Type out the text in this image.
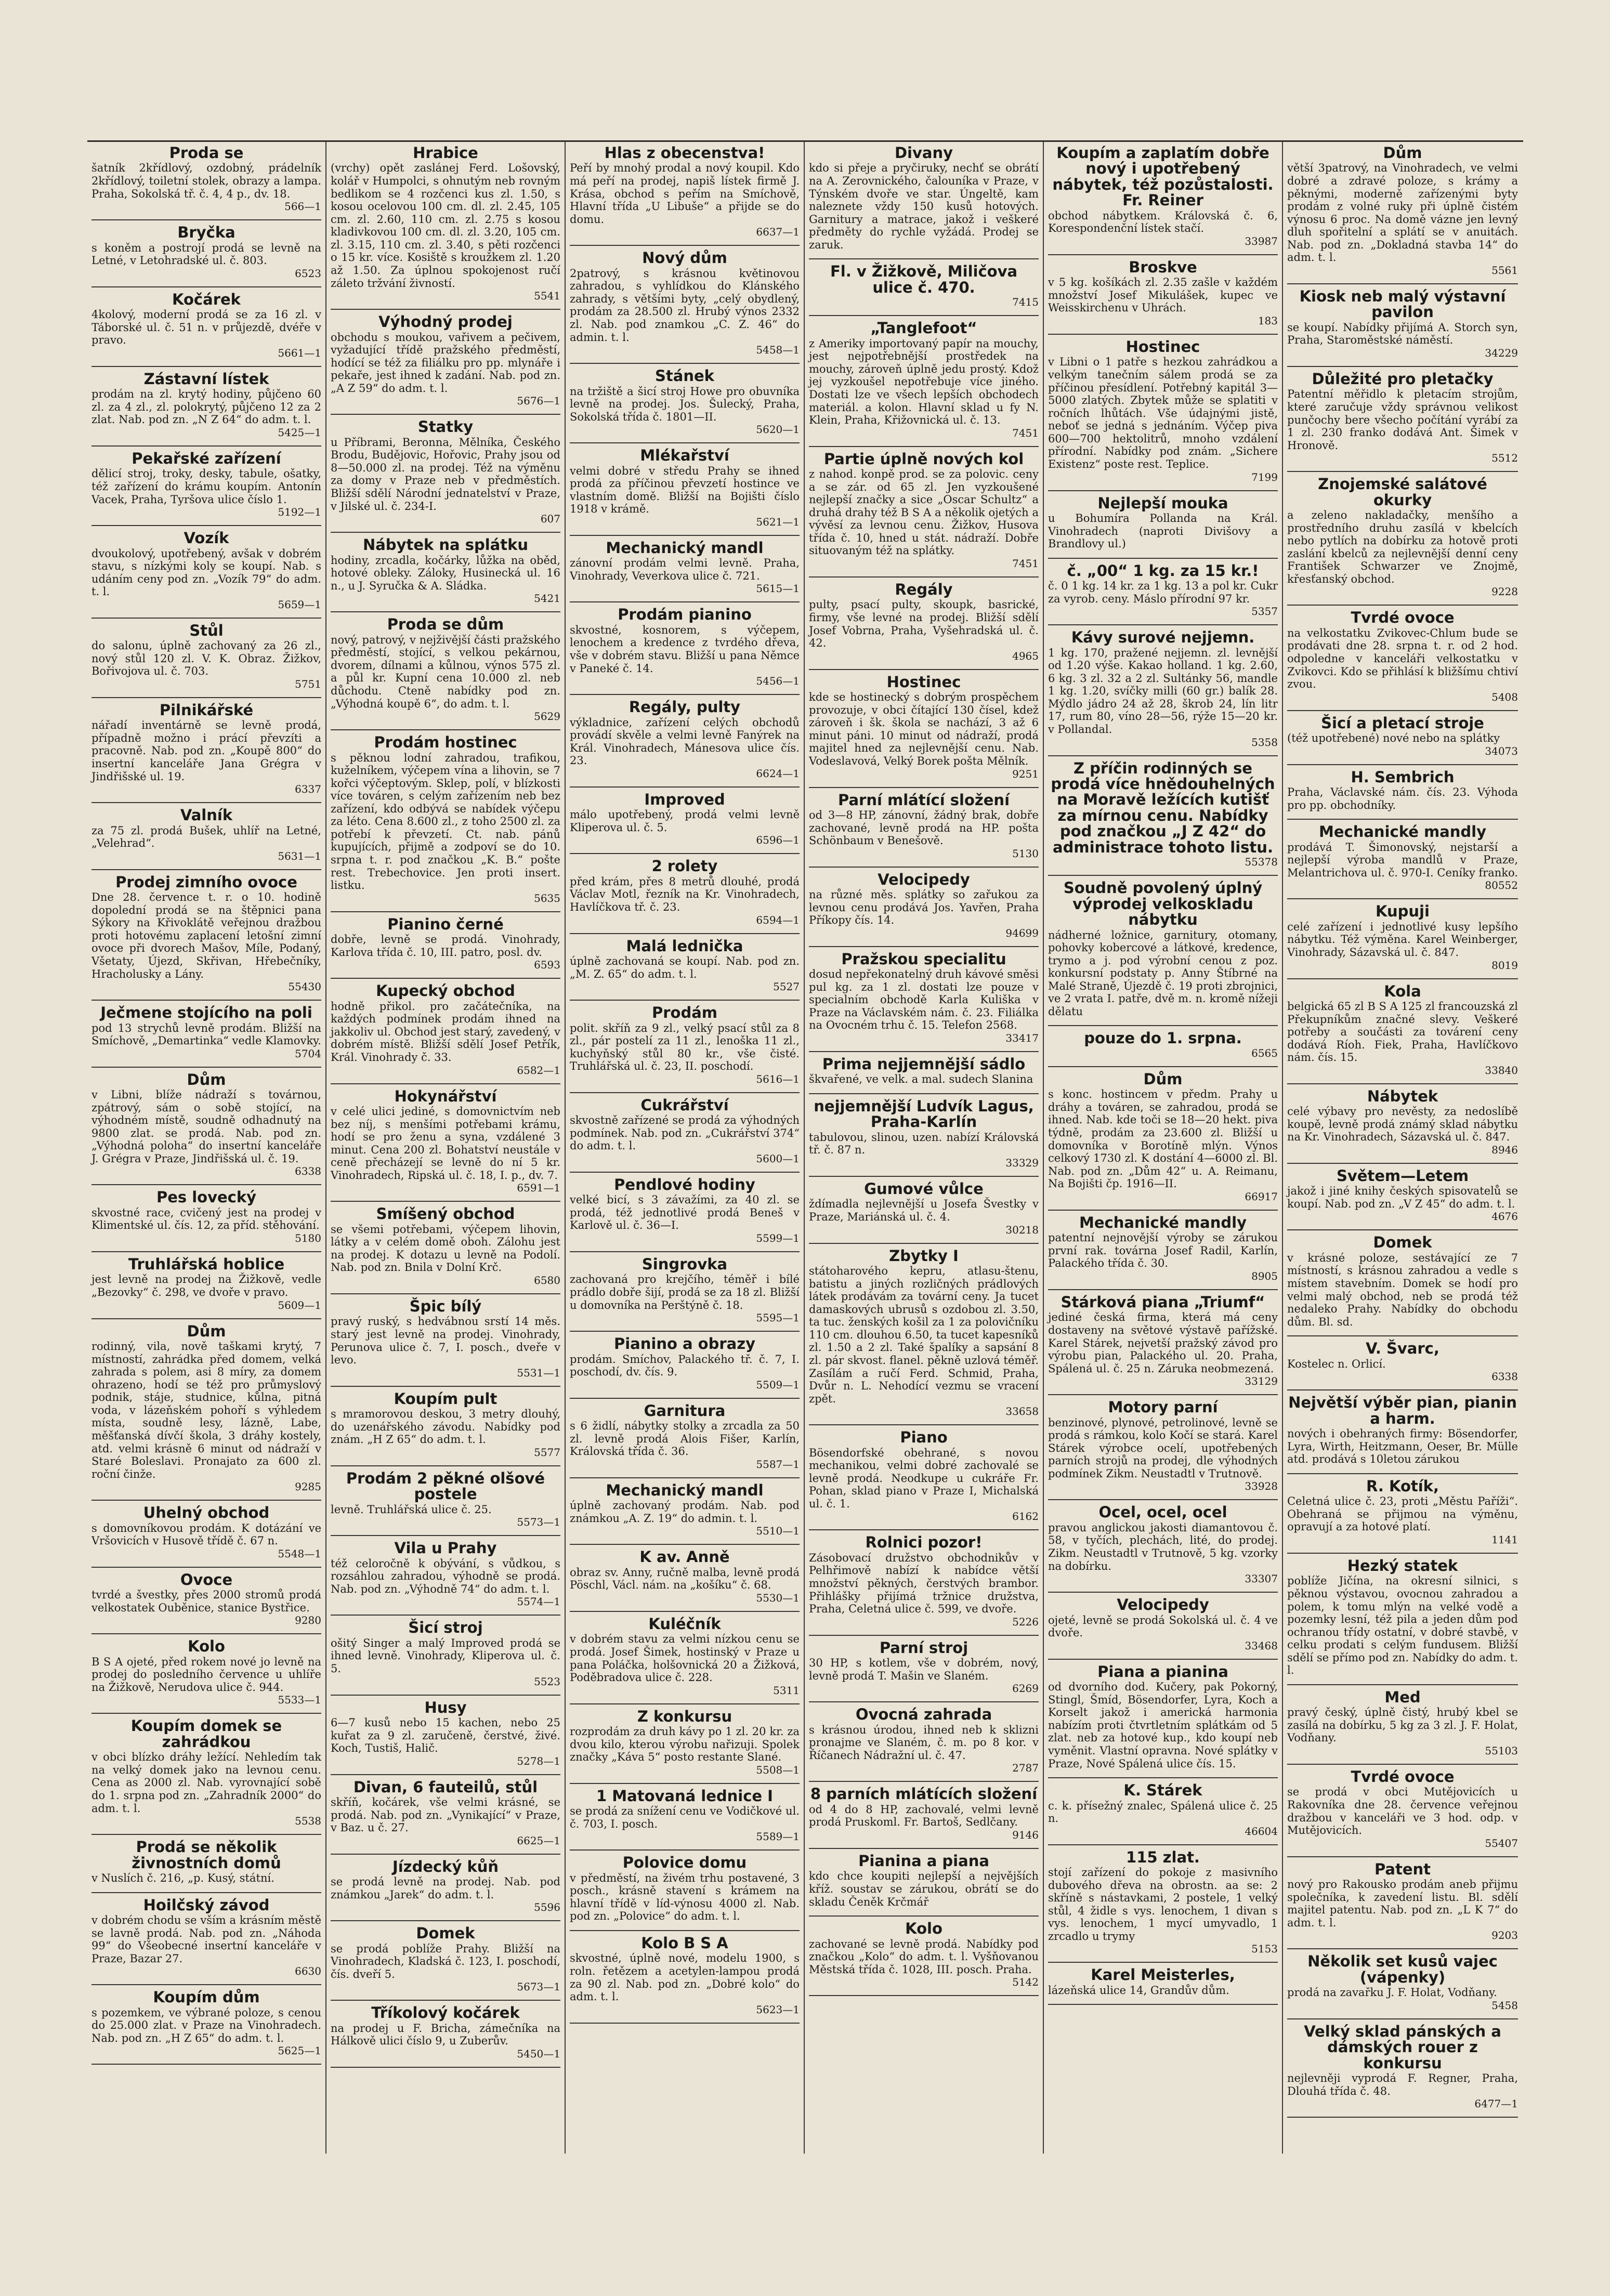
Proda se
šatník 2křídlový, ozdobný, prádelník 2křídlový, toiletní stolek, obrazy a lampa. Praha, Sokolská tř. č. 4, 4 p., dv. 18.
566—1
Bryčka
s koněm a postrojí prodá se levně na Letné, v Letohradské ul. č. 803.
6523
Kočárek
4kolový, moderní prodá se za 16 zl. v Táborské ul. č. 51 n. v průjezdě, dvéře v pravo.
5661—1
Zástavní lístek
prodám na zl. krytý hodiny, půjčeno 60 zl. za 4 zl., zl. polokrytý, půjčeno 12 za 2 zlat. Nab. pod zn. „N Z 64“ do adm. t. l.
5425—1
Pekařské zařízení
dělicí stroj, troky, desky, tabule, ošatky, též zařízení do krámu koupím. Antonín Vacek, Praha, Tyršova ulice číslo 1.
5192—1
Vozík
dvoukolový, upotřebený, avšak v dobrém stavu, s nízkými koly se koupí. Nab. s udáním ceny pod zn. „Vozík 79“ do adm. t. l.
5659—1
Stůl
do salonu, úplně zachovaný za 26 zl., nový stůl 120 zl. V. K. Obraz. Žižkov, Bořivojova ul. č. 703.
5751
Pilnikářské
nářadí inventárně se levně prodá, případně možno i prácí převzíti a pracovně. Nab. pod zn. „Koupě 800“ do insertní kanceláře Jana Grégra v Jindřišské ul. 19.
6337
Valník
za 75 zl. prodá Bušek, uhlíř na Letné, „Velehrad“.
5631—1
Prodej zimního ovoce
Dne 28. července t. r. o 10. hodině dopolední prodá se na štěpnici pana Sýkory na Křivoklátě veřejnou dražbou proti hotovému zaplacení letošní zimní ovoce při dvorech Mašov, Míle, Podaný, Všetaty, Újezd, Skřivan, Hřebečníky, Hracholusky a Lány.
55430
Ječmene stojícího na poli
pod 13 strychů levně prodám. Bližší na Smíchově, „Demartinka“ vedle Klamovky.
5704
Dům
v Libni, blíže nádraží s továrnou, zpátrový, sám o sobě stojící, na výhodném místě, soudně odhadnutý na 9800 zlat. se prodá. Nab. pod zn. „Výhodná poloha“ do insertní kanceláře J. Grégra v Praze, Jindřišská ul. č. 19.
6338
Pes lovecký
skvostné race, cvičený jest na prodej v Klimentské ul. čís. 12, za příd. stěhování.
5180
Truhlářská hoblice
jest levně na prodej na Žižkově, vedle „Bezovky“ č. 298, ve dvoře v pravo.
5609—1
Dům
rodinný, vila, nově taškami krytý, 7 místností, zahrádka před domem, velká zahrada s polem, asi 8 míry, za domem ohrazeno, hodí se též pro průmyslový podnik, stáje, studnice, kůlna, pitná voda, v lázeňském pohoří s výhledem místa, soudně lesy, lázně, Labe, měšťanská dívčí škola, 3 dráhy kostely, atd. velmi krásně 6 minut od nádraží v Staré Boleslavi. Pronajato za 600 zl. roční činže.
9285
Uhelný obchod
s domovníkovou prodám. K dotázání ve Vršovicích v Husově třídě č. 67 n.
5548—1
Ovoce
tvrdé a švestky, přes 2000 stromů prodá velkostatek Ouběnice, stanice Bystřice.
9280
Kolo
B S A ojeté, před rokem nové jo levně na prodej do posledního července u uhlíře na Žižkově, Nerudova ulice č. 944.
5533—1
Koupím domek se zahrádkou
v obci blízko dráhy ležící. Nehledím tak na velký domek jako na levnou cenu. Cena as 2000 zl. Nab. vyrovnající sobě do 1. srpna pod zn. „Zahradník 2000“ do adm. t. l.
5538
Prodá se několik živnostních domů
v Nuslích č. 216, „p. Kusý, státní.
Hoilčský závod
v dobrém chodu se vším a krásním městě se lavně prodá. Nab. pod zn. „Náhoda 99“ do Všeobecné insertní kanceláře v Praze, Bazar 27.
6630
Koupím dům
s pozemkem, ve výbrané poloze, s cenou do 25.000 zlat. v Praze na Vinohradech. Nab. pod zn. „H Z 65“ do adm. t. l.
5625—1
Hrabice
(vrchy) opět zaslánej Ferd. Lošovský, kolář v Humpolci, s ohnutým neb rovným bedlikom se 4 rozčenci kus zl. 1.50, s kosou ocelovou 100 cm. dl. zl. 2.45, 105 cm. zl. 2.60, 110 cm. zl. 2.75 s kosou kladivkovou 100 cm. dl. zl. 3.20, 105 cm. zl. 3.15, 110 cm. zl. 3.40, s pěti rozčenci o 15 kr. více. Kosiště s kroužkem zl. 1.20 až 1.50. Za úplnou spokojenost ručí záleto tržvání živností.
5541
Výhodný prodej
obchodu s moukou, vařivem a pečivem, vyžadující třídě pražského předměstí, hodící se též za filiálku pro pp. mlynáře i pekaře, jest ihned k zadání. Nab. pod zn. „A Z 59“ do adm. t. l.
5676—1
Statky
u Příbrami, Beronna, Mělníka, Českého Brodu, Budějovic, Hořovic, Prahy jsou od 8—50.000 zl. na prodej. Též na výměnu za domy v Praze neb v předměstích. Bližší sdělí Národní jednatelství v Praze, v Jilské ul. č. 234-I.
607
Nábytek na splátku
hodiny, zrcadla, kočárky, lůžka na oběd, hotové obleky. Záloky, Husinecká ul. 16 n., u J. Syručka & A. Sládka.
5421
Proda se dům
nový, patrový, v nejživější části pražského předměstí, stojící, s velkou pekárnou, dvorem, dílnami a kůlnou, výnos 575 zl. a půl kr. Kupní cena 10.000 zl. neb důchodu. Cteně nabídky pod zn. „Výhodná koupě 6“, do adm. t. l.
5629
Prodám hostinec
s pěknou lodní zahradou, trafikou, kuželníkem, výčepem vína a lihovin, se 7 kořci výčeptovým. Sklep, polí, v blízkosti více továren, s celým zařízením neb bez zařízení, kdo odbývá se nabídek výčepu za léto. Cena 8.600 zl., z toho 2500 zl. za potřebí k převzetí. Ct. nab. pánů kupujících, přijmě a zodpoví se do 10. srpna t. r. pod značkou „K. B.“ pošte rest. Trebechovice. Jen proti insert. listku.
5635
Pianino černé
dobře, levně se prodá. Vinohrady, Karlova třída č. 10, III. patro, posl. dv.
6593
Kupecký obchod
hodně přikol. pro začátečníka, na každých podmínek prodám ihned na jakkoliv ul. Obchod jest starý, zavedený, v dobrém místě. Bližší sdělí Josef Petřík, Král. Vinohrady č. 33.
6582—1
Hokynářství
v celé ulici jediné, s domovnictvím neb bez níj, s menšími potřebami krámu, hodí se pro ženu a syna, vzdálené 3 minut. Cena 200 zl. Bohatství neustále v ceně přecházejí se levně do ní 5 kr. Vinohradech, Ripská ul. č. 18, I. p., dv. 7.
6591—1
Smíšený obchod
se všemi potřebami, výčepem lihovin, látky a v celém domě oboh. Zálohu jest na prodej. K dotazu u levně na Podolí. Nab. pod zn. Bnila v Dolní Krč.
6580
Špic bílý
pravý ruský, s hedvábnou srstí 14 měs. starý jest levně na prodej. Vinohrady, Perunova ulice č. 7, I. posch., dveře v levo.
5531—1
Koupím pult
s mramorovou deskou, 3 metry dlouhý, do uzenářského závodu. Nabídky pod znám. „H Z 65“ do adm. t. l.
5577
Prodám 2 pěkné olšové postele
levně. Truhlářská ulice č. 25.
5573—1
Vila u Prahy
též celoročně k obývání, s vůdkou, s rozsáhlou zahradou, výhodně se prodá. Nab. pod zn. „Výhodně 74“ do adm. t. l.
5574—1
Šicí stroj
ošitý Singer a malý Improved prodá se ihned levně. Vinohrady, Kliperova ul. č. 5.
5523
Husy
6—7 kusů nebo 15 kachen, nebo 25 kuřat za 9 zl. zaručeně, čerstvé, živé. Koch, Tustiš, Halič.
5278—1
Divan, 6 fauteilů, stůl
skříň, kočárek, vše velmi krásné, se prodá. Nab. pod zn. „Vynikající“ v Praze, v Baz. u č. 27.
6625—1
Jízdecký kůň
se prodá levně na prodej. Nab. pod známkou „Jarek“ do adm. t. l.
5596
Domek
se prodá poblíže Prahy. Bližší na Vinohradech, Kladská č. 123, I. poschodí, čís. dveří 5.
5673—1
Tříkolový kočárek
na prodej u F. Bricha, zámečníka na Hálkově ulici číslo 9, u Zuberův.
5450—1
Hlas z obecenstva!
Peří by mnohý prodal a nový koupil. Kdo má peří na prodej, napiš lístek firmě J. Krása, obchod s peřím na Smíchově, Hlavní třída „U Libuše“ a přijde se do domu.
6637—1
Nový dům
2patrový, s krásnou květinovou zahradou, s vyhlídkou do Klánského zahrady, s většími byty, „celý obydlený, prodám za 28.500 zl. Hrubý výnos 2332 zl. Nab. pod znamkou „C. Z. 46“ do admin. t. l.
5458—1
Stánek
na tržiště a šicí stroj Howe pro obuvníka levně na prodej. Jos. Šulecký, Praha, Sokolská třída č. 1801—II.
5620—1
Mlékařství
velmi dobré v středu Prahy se ihned prodá za příčinou převzetí hostince ve vlastním domě. Bližší na Bojišti číslo 1918 v krámě.
5621—1
Mechanický mandl
zánovní prodám velmi levně. Praha, Vinohrady, Veverkova ulice č. 721.
5615—1
Prodám pianino
skvostné, kosnorem, s výčepem, lenochem a kredence z tvrdého dřeva, vše v dobrém stavu. Bližší u pana Němce v Paneké č. 14.
5456—1
Regály, pulty
výkladnice, zařízení celých obchodů provádí skvěle a velmi levně Fanýrek na Král. Vinohradech, Mánesova ulice čís. 23.
6624—1
Improved
málo upotřebený, prodá velmi levně Kliperova ul. č. 5.
6596—1
2 rolety
před krám, přes 8 metrů dlouhé, prodá Václav Motl, řezník na Kr. Vinohradech, Havlíčkova tř. č. 23.
6594—1
Malá lednička
úplně zachovaná se koupí. Nab. pod zn. „M. Z. 65“ do adm. t. l.
5527
Prodám
polit. skříň za 9 zl., velký psací stůl za 8 zl., pár postelí za 11 zl., lenoška 11 zl., kuchyňský stůl 80 kr., vše čisté. Truhlářská ul. č. 23, II. poschodí.
5616—1
Cukrářství
skvostně zařízené se prodá za výhodných podmínek. Nab. pod zn. „Cukrářství 374“ do adm. t. l.
5600—1
Pendlové hodiny
velké bicí, s 3 závažími, za 40 zl. se prodá, též jednotlivé prodá Beneš v Karlově ul. č. 36—I.
5599—1
Singrovka
zachovaná pro krejčího, téměř i bílé prádlo dobře šijí, prodá se za 18 zl. Bližší u domovníka na Perštýně č. 18.
5595—1
Pianino a obrazy
prodám. Smíchov, Palackého tř. č. 7, I. poschodí, dv. čís. 9.
5509—1
Garnitura
s 6 židlí, nábytky stolky a zrcadla za 50 zl. levně prodá Alois Fišer, Karlín, Královská třída č. 36.
5587—1
Mechanický mandl
úplně zachovaný prodám. Nab. pod známkou „A. Z. 19“ do admin. t. l.
5510—1
K av. Anně
obraz sv. Anny, ručně malba, levně prodá Pöschl, Václ. nám. na „košíku“ č. 68.
5530—1
Kuléčník
v dobrém stavu za velmi nízkou cenu se prodá. Josef Šimek, hostinský v Praze u pana Poláčka, holšovnická 20 a Žižková, Poděbradova ulice č. 228.
5311
Z konkursu
rozprodám za druh kávy po 1 zl. 20 kr. za dvou kilo, kterou výrobu nařizuji. Spolek značky „Káva 5“ posto restante Slané.
5508—1
1 Matovaná lednice I
se prodá za snížení cenu ve Vodičkové ul. č. 703, I. posch.
5589—1
Polovice domu
v předměstí, na živém trhu postavené, 3 posch., krásně stavení s krámem na hlavní třídě v líd-výnosu 4000 zl. Nab. pod zn. „Polovice“ do adm. t. l.
Kolo B S A
skvostné, úplně nové, modelu 1900, s roln. řetězem a acetylen-lampou prodá za 90 zl. Nab. pod zn. „Dobré kolo“ do adm. t. l.
5623—1
Divany
kdo si přeje a pryčiruky, nechť se obrátí na A. Zerovnického, čalouníka v Praze, v Týnském dvoře ve star. Úngeltě, kam naleznete vždy 150 kusů hotových. Garnitury a matrace, jakož i veškeré předměty do rychle vyžádá. Prodej se zaruk.
Fl. v Žižkově, Miličova ulice č. 470.
7415
„Tanglefoot“
z Ameriky importovaný papír na mouchy, jest nejpotřebnější prostředek na mouchy, zároveň úplně jedu prostý. Kdož jej vyzkoušel nepotřebuje více jiného. Dostati lze ve všech lepších obchodech materiál. a kolon. Hlavní sklad u fy N. Klein, Praha, Křižovnická ul. č. 13.
7451
Partie úplně nových kol
z nahod. konpě prod. se za polovic. ceny a se zár. od 65 zl. Jen vyzkoušené nejlepší značky a sice „Oscar Schultz“ a druhá drahy též B S A a několik ojetých a vývěsí za levnou cenu. Žižkov, Husova třída č. 10, hned u stát. nádraží. Dobře situovaným též na splátky.
7451
Regály
pulty, psací pulty, skoupk, basrické, firmy, vše levné na prodej. Bližší sdělí Josef Vobrna, Praha, Vyšehradská ul. č. 42.
4965
Hostinec
kde se hostinecký s dobrým prospěchem provozuje, v obci čítající 130 čísel, kdež zároveň i šk. škola se nachází, 3 až 6 minut páni. 10 minut od nádraží, prodá majitel hned za nejlevnější cenu. Nab. Vodeslavová, Velký Borek pošta Mělník.
9251
Parní mlátící složení
od 3—8 HP, zánovní, žádný brak, dobře zachované, levně prodá na HP. pošta Schönbaum v Benešově.
5130
Velocipedy
na různé měs. splátky so zařukou za levnou cenu prodává Jos. Yavřen, Praha Příkopy čís. 14.
94699
Pražskou specialitu
dosud nepřekonatelný druh kávové směsi pul kg. za 1 zl. dostati lze pouze v specialním obchodě Karla Kuliška v Praze na Václavském nám. č. 23. Filiálka na Ovocném trhu č. 15. Telefon 2568.
33417
Prima nejjemnější sádlo
škvařené, ve velk. a mal. sudech Slanina
nejjemnější Ludvík Lagus, Praha-Karlín
tabulovou, slinou, uzen. nabízí Královská tř. č. 87 n.
33329
Gumové vůlce
ždímadla nejlevnější u Josefa Švestky v Praze, Mariánská ul. č. 4.
30218
Zbytky I
státoharového kepru, atlasu-štenu, batistu a jiných rozličných prádlových látek prodávám za tovární ceny. Ja tucet damaskových ubrusů s ozdobou zl. 3.50, ta tuc. ženských košil za 1 za polovičníku 110 cm. dlouhou 6.50, ta tucet kapesníků zl. 1.50 a 2 zl. Také špalíky a sapsání 8 zl. pár skvost. flanel. pěkně uzlová téměř. Zasílám a ručí Ferd. Schmid, Praha, Dvůr n. L. Nehodící vezmu se vracení zpět.
33658
Piano
Bösendorfské obehrané, s novou mechanikou, velmi dobré zachovalé se levně prodá. Neodkupe u cukráře Fr. Pohan, sklad piano v Praze I, Michalská ul. č. 1.
6162
Rolnici pozor!
Zásobovací družstvo obchodnikův v Pelhřimově nabízí k nabídce větší množství pěkných, čerstvých brambor. Přihlášky přijímá tržnice družstva, Praha, Celetná ulice č. 599, ve dvoře.
5226
Parní stroj
30 HP, s kotlem, vše v dobrém, nový, levně prodá T. Mašin ve Slaném.
6269
Ovocná zahrada
s krásnou úrodou, ihned neb k sklizni pronajme ve Slaném, č. m. po 8 kor. v Říčanech Nádražní ul. č. 47.
2787
8 parních mlátících složení
od 4 do 8 HP, zachovalé, velmi levně prodá Pruskoml. Fr. Bartoš, Sedlčany.
9146
Pianina a piana
kdo chce koupiti nejlepší a nejvějších kříž. soustav se zárukou, obrátí se do skladu Čeněk Krčmář
Kolo
zachované se levně prodá. Nabídky pod značkou „Kolo“ do adm. t. l. Vyšňovanou Městská třída č. 1028, III. posch. Praha.
5142
Koupím a zaplatím dobře nový i upotřebený nábytek, též pozůstalosti. Fr. Reiner
obchod nábytkem. Královská č. 6, Korespondenční lístek stačí.
33987
Broskve
v 5 kg. košíkách zl. 2.35 zašle v každém množství Josef Mikulášek, kupec ve Weisskirchenu v Uhrách.
183
Hostinec
v Libni o 1 patře s hezkou zahrádkou a velkým tanečním sálem prodá se za příčinou přesídlení. Potřebný kapitál 3—5000 zlatých. Zbytek může se splatiti v ročních lhůtách. Vše údajnými jistě, neboť se jedná s jednáním. Výčep piva 600—700 hektolitrů, mnoho vzdálení přírodní. Nabídky pod znám. „Sichere Existenz“ poste rest. Teplice.
7199
Nejlepší mouka
u Bohumíra Pollanda na Král. Vinohradech (naproti Divišovy a Brandlovy ul.)
č. „00“ 1 kg. za 15 kr.!
č. 0 1 kg. 14 kr. za 1 kg. 13 a pol kr. Cukr za vyrob. ceny. Máslo přírodní 97 kr.
5357
Kávy surové nejjemn.
1 kg. 170, pražené nejjemn. zl. levnější od 1.20 výše. Kakao holland. 1 kg. 2.60, 6 kg. 3 zl. 32 a 2 zl. Sultánky 56, mandle 1 kg. 1.20, svíčky milli (60 gr.) balík 28. Mýdlo jádro 24 až 28, škrob 24, lín litr 17, rum 80, víno 28—56, rýže 15—20 kr. v Pollandal.
5358
Z příčin rodinných se prodá více hnědouhelných na Moravě ležících kutišť za mírnou cenu. Nabídky pod značkou „J Z 42“ do administrace tohoto listu.
55378
Soudně povolený úplný výprodej velkoskladu nábytku
nádherné ložnice, garnitury, otomany, pohovky kobercové a látkové, kredence, trymo a j. pod výrobní cenou z poz. konkursní podstaty p. Anny Štíbrné na Malé Straně, Újezdě č. 19 proti zbrojnici, ve 2 vrata I. patře, dvě m. n. kromě nížeji dělatu
pouze do 1. srpna.
6565
Dům
s konc. hostincem v předm. Prahy u dráhy a továren, se zahradou, prodá se ihned. Nab. kde toči se 18—20 hekt. piva týdně, prodám za 23.600 zl. Bližší u domovníka v Borotíně mlýn. Výnos celkový 1730 zl. K dostání 4—6000 zl. Bl. Nab. pod zn. „Dům 42“ u. A. Reimanu, Na Bojišti čp. 1916—II.
66917
Mechanické mandly
patentní nejnovější výroby se zárukou první rak. továrna Josef Radil, Karlín, Palackého třída č. 30.
8905
Stárková piana „Triumf“
jediné česká firma, která má ceny dostaveny na světové výstavě pařížské. Karel Stárek, nejvetší pražský závod pro výrobu pian, Palackého ul. 20. Praha, Spálená ul. č. 25 n. Záruka neobmezená.
33129
Motory parní
benzinové, plynové, petrolinové, levně se prodá s rámkou, kolo Kočí se stará. Karel Stárek výrobce ocelí, upotřebených parních strojů na prodej, dle výhodných podmínek Zikm. Neustadtl v Trutnově.
33928
Ocel, ocel, ocel
pravou anglickou jakosti diamantovou č. 58, v tyčích, plechách, lité, do prodej. Zikm. Neustadtl v Trutnově, 5 kg. vzorky na dobírku.
33307
Velocipedy
ojeté, levně se prodá Sokolská ul. č. 4 ve dvoře.
33468
Piana a pianina
od dvorního dod. Kučery, pak Pokorný, Stingl, Šmíd, Bösendorfer, Lyra, Koch a Korselt jakož i americká harmonia nabízím proti čtvrtletním splátkám od 5 zlat. neb za hotové kup., kdo koupí neb vyměnit. Vlastní opravna. Nové splátky v Praze, Nové Spálená ulice čís. 15.
K. Stárek
c. k. přísežný znalec, Spálená ulice č. 25 n.
46604
115 zlat.
stojí zařízení do pokoje z masivního dubového dřeva na obrostn. aa se: 2 skříně s nástavkami, 2 postele, 1 velký stůl, 4 židle s vys. lenochem, 1 divan s vys. lenochem, 1 mycí umyvadlo, 1 zrcadlo u trymy
5153
Karel Meisterles,
lázeňská ulice 14, Grandův dům.
Dům
větší 3patrový, na Vinohradech, ve velmi dobré a zdravé poloze, s krámy a pěknými, moderně zařízenými byty prodám z volné ruky při úplně čistém výnosu 6 proc. Na domě vázne jen levný dluh spořitelní a splátí se v anuitách. Nab. pod zn. „Dokladná stavba 14“ do adm. t. l.
5561
Kiosk neb malý výstavní pavilon
se koupí. Nabídky přijímá A. Storch syn, Praha, Staroměstské náměstí.
34229
Důležité pro pletačky
Patentní měřidlo k pletacím strojům, které zaručuje vždy správnou velikost punčochy bere všecho počítání vyrábí za 1 zl. 230 franko dodává Ant. Šimek v Hronově.
5512
Znojemské salátové okurky
a zeleno nakladačky, menšího a prostředního druhu zasílá v kbelcích nebo pytlích na dobírku za hotově proti zaslání kbelců za nejlevnější denní ceny František Schwarzer ve Znojmě, křesťanský obchod.
9228
Tvrdé ovoce
na velkostatku Zvikovec-Chlum bude se prodávati dne 28. srpna t. r. od 2 hod. odpoledne v kanceláři velkostatku v Zvikovci. Kdo se přihlásí k bližšímu chtiví zvou.
5408
Šicí a pletací stroje
(též upotřebené) nové nebo na splátky
34073
H. Sembrich
Praha, Václavské nám. čís. 23. Výhoda pro pp. obchodníky.
Mechanické mandly
prodává T. Šimonovský, nejstarší a nejlepší výroba mandlů v Praze, Melantrichova ul. č. 970-I. Ceníky franko.
80552
Kupuji
celé zařízení i jednotlivé kusy lepšího nábytku. Též výměna. Karel Weinberger, Vinohrady, Sázavská ul. č. 847.
8019
Kola
belgická 65 zl B S A 125 zl francouzská zl Překupníkům značné slevy. Veškeré potřeby a součásti za továrení ceny dodává Ríoh. Fiek, Praha, Havlíčkovo nám. čís. 15.
33840
Nábytek
celé výbavy pro nevěsty, za nedoslíbě koupě, levně prodá známý sklad nábytku na Kr. Vinohradech, Sázavská ul. č. 847.
8946
Světem—Letem
jakož i jiné knihy českých spisovatelů se koupí. Nab. pod zn. „V Z 45“ do adm. t. l.
4676
Domek
v krásné poloze, sestávající ze 7 místností, s krásnou zahradou a vedle s místem stavebním. Domek se hodí pro velmi malý obchod, neb se prodá též nedaleko Prahy. Nabídky do obchodu dům. Bl. sd.
V. Švarc,
Kostelec n. Orlicí.
6338
Největší výběr pian, pianin a harm.
nových i obehraných firmy: Bösendorfer, Lyra, Wirth, Heitzmann, Oeser, Br. Mülle atd. prodává s 10letou zárukou
R. Kotík,
Celetná ulice č. 23, proti „Městu Paříži“. Obehraná se přijmou na výměnu, opravují a za hotové platí.
1141
Hezký statek
poblíže Jičína, na okresní silnici, s pěknou výstavou, ovocnou zahradou a polem, k tomu mlýn na velké vodě a pozemky lesní, též pila a jeden dům pod ochranou třídy ostatní, v dobré stavbě, v celku prodati s celým fundusem. Bližší sdělí se přímo pod zn. Nabídky do adm. t. l.
Med
pravý český, úplně čistý, hrubý kbel se zasílá na dobírku, 5 kg za 3 zl. J. F. Holat, Vodňany.
55103
Tvrdé ovoce
se prodá v obci Mutějovicích u Rakovníka dne 28. července veřejnou dražbou v kanceláři ve 3 hod. odp. v Mutějovicích.
55407
Patent
nový pro Rakousko prodám aneb přijmu společníka, k zavedení listu. Bl. sdělí majitel patentu. Nab. pod zn. „L K 7“ do adm. t. l.
9203
Několik set kusů vajec (vápenky)
prodá na zavařku J. F. Holat, Vodňany.
5458
Velký sklad pánských a dámských rouer z konkursu
nejlevněji vyprodá F. Regner, Praha, Dlouhá třída č. 48.
6477—1
